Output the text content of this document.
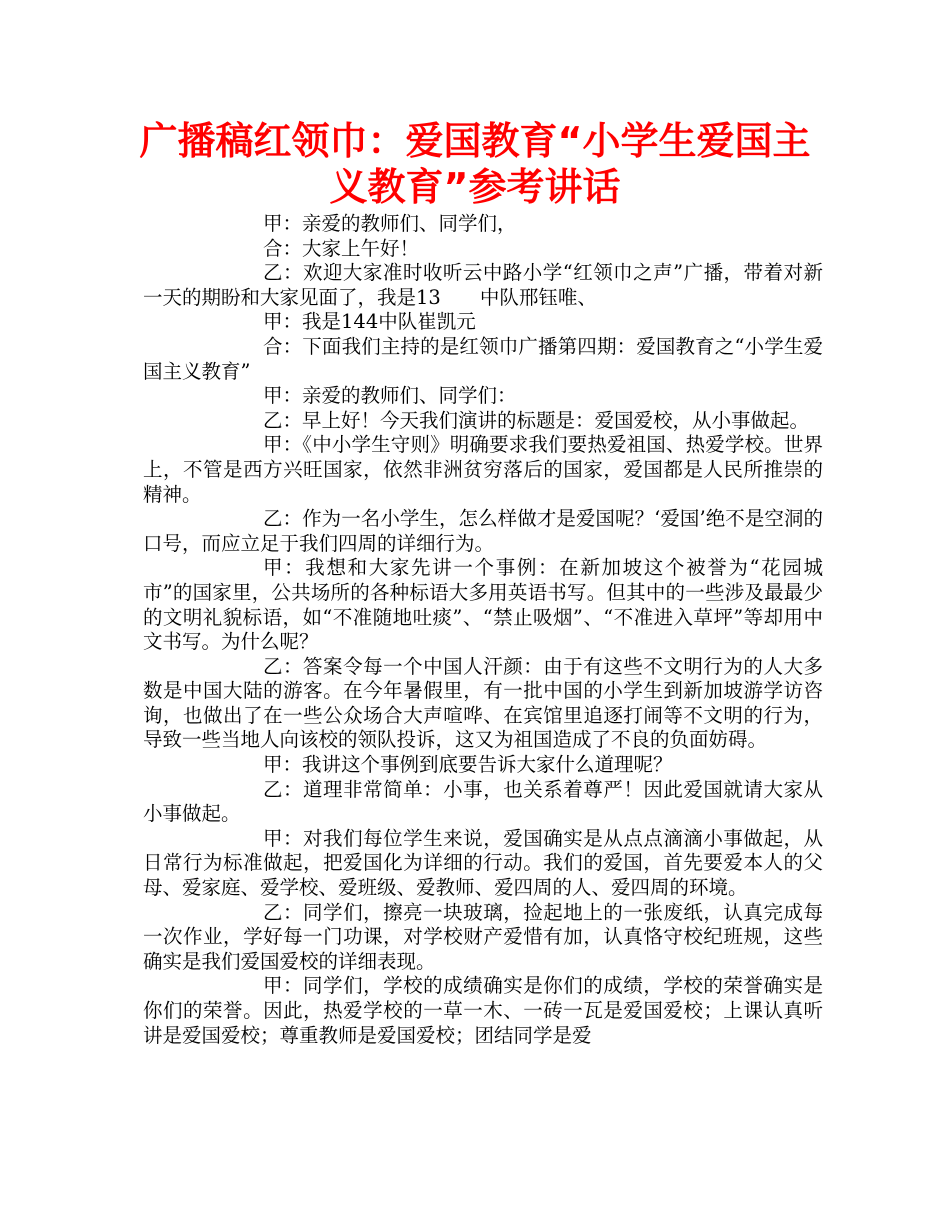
广播稿红领巾：爱国教育“小学生爱国主
义教育”参考讲话

甲：亲爱的教师们、同学们，

合：大家上午好！

乙：欢迎大家准时收听云中路小学“红领巾之声”广播，带着对新一天的期盼和大家见面了，我是13　　中队邢钰唯、

甲：我是144中队崔凯元

合：下面我们主持的是红领巾广播第四期：爱国教育之“小学生爱国主义教育”

甲：亲爱的教师们、同学们：

乙：早上好！今天我们演讲的标题是：爱国爱校，从小事做起。

甲：《中小学生守则》明确要求我们要热爱祖国、热爱学校。世界上，不管是西方兴旺国家，依然非洲贫穷落后的国家，爱国都是人民所推崇的精神。

乙：作为一名小学生，怎么样做才是爱国呢？‘爱国’绝不是空洞的口号，而应立足于我们四周的详细行为。

甲：我想和大家先讲一个事例：在新加坡这个被誉为“花园城市”的国家里，公共场所的各种标语大多用英语书写。但其中的一些涉及最最少的文明礼貌标语，如“不准随地吐痰”、“禁止吸烟”、“不准进入草坪”等却用中文书写。为什么呢？

乙：答案令每一个中国人汗颜：由于有这些不文明行为的人大多数是中国大陆的游客。在今年暑假里，有一批中国的小学生到新加坡游学访咨询，也做出了在一些公众场合大声喧哗、在宾馆里追逐打闹等不文明的行为，导致一些当地人向该校的领队投诉，这又为祖国造成了不良的负面妨碍。

甲：我讲这个事例到底要告诉大家什么道理呢？

乙：道理非常简单：小事，也关系着尊严！因此爱国就请大家从小事做起。

甲：对我们每位学生来说，爱国确实是从点点滴滴小事做起，从日常行为标准做起，把爱国化为详细的行动。我们的爱国，首先要爱本人的父母、爱家庭、爱学校、爱班级、爱教师、爱四周的人、爱四周的环境。

乙：同学们，擦亮一块玻璃，捡起地上的一张废纸，认真完成每一次作业，学好每一门功课，对学校财产爱惜有加，认真恪守校纪班规，这些确实是我们爱国爱校的详细表现。

甲：同学们，学校的成绩确实是你们的成绩，学校的荣誉确实是你们的荣誉。因此，热爱学校的一草一木、一砖一瓦是爱国爱校；上课认真听讲是爱国爱校；尊重教师是爱国爱校；团结同学是爱
